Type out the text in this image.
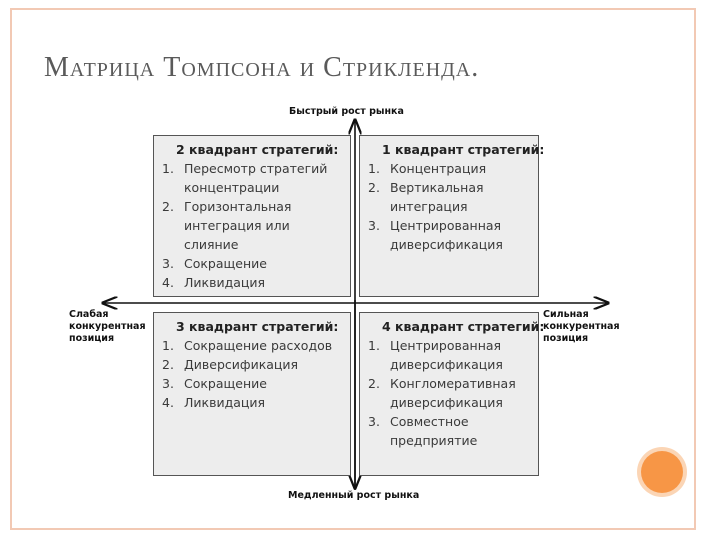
Матрица Томпсона и Стрикленда.
Быстрый рост рынка
Медленный рост рынка
Слабая
конкурентная
позиция
Сильная
конкурентная
позиция
2 квадрант стратегий:
1. Пересмотр стратегий
концентрации
2. Горизонтальная
интеграция или
слияние
3. Сокращение
4. Ликвидация
1 квадрант стратегий:
1. Концентрация
2. Вертикальная
интеграция
3. Центрированная
диверсификация
3 квадрант стратегий:
1. Сокращение расходов
2. Диверсификация
3. Сокращение
4. Ликвидация
4 квадрант стратегий:
1. Центрированная
диверсификация
2. Конгломеративная
диверсификация
3. Совместное
предприятие
